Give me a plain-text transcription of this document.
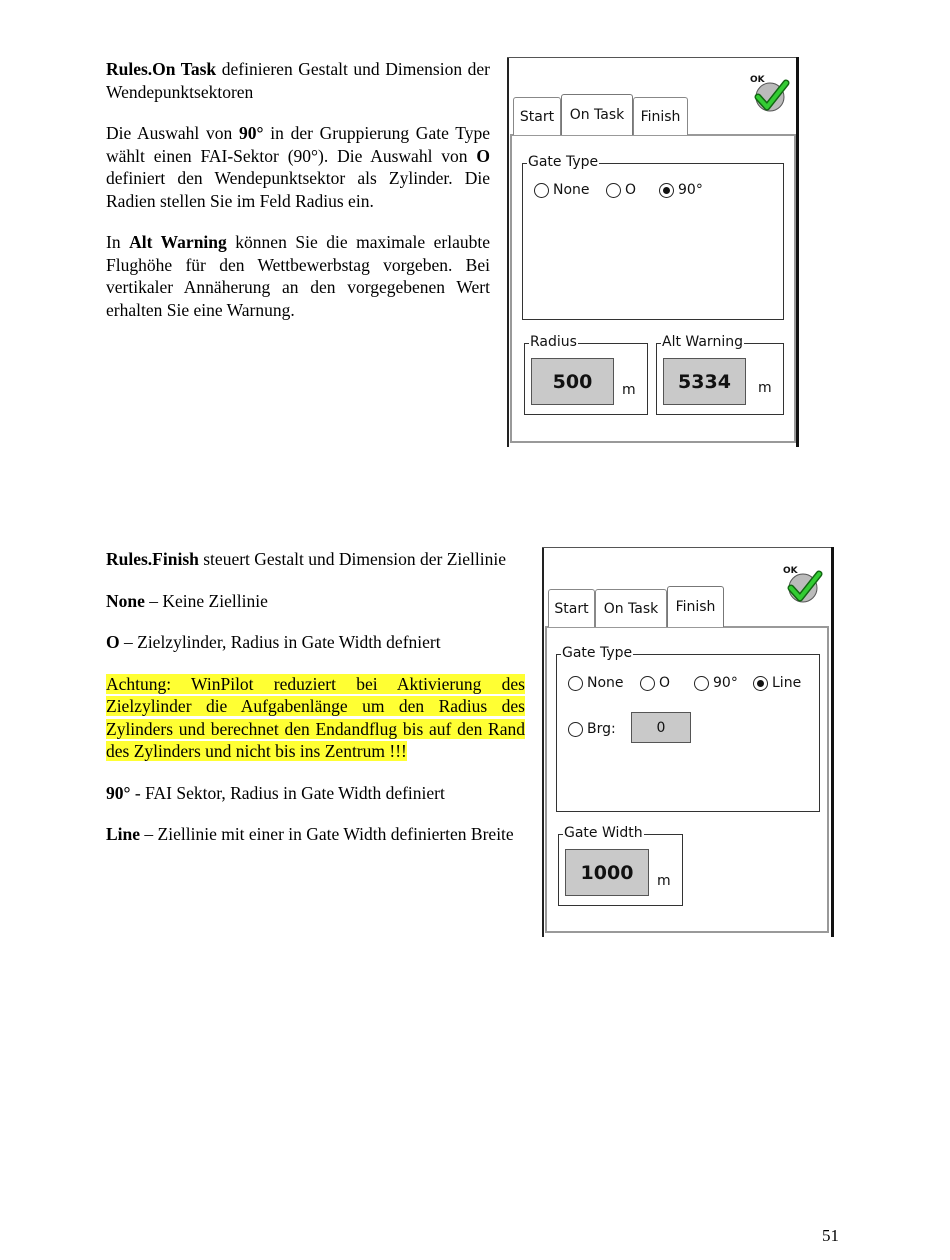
Rules.On Task definieren Gestalt und Dimension der Wendepunktsektoren

Die Auswahl von 90° in der Gruppierung Gate Type wählt einen FAI-Sektor (90°). Die Auswahl von O definiert den Wendepunktsektor als Zylinder. Die Radien stellen Sie im Feld Radius ein.

In Alt Warning können Sie die maximale erlaubte Flughöhe für den Wettbewerbstag vorgeben. Bei vertikaler Annäherung an den vorgegebenen Wert erhalten Sie eine Warnung.

OK
Start	On Task	Finish
Gate Type
None	O	90°
Radius
500	m
Alt Warning
5334	m

Rules.Finish steuert Gestalt und Dimension der Ziellinie

None – Keine Ziellinie

O – Zielzylinder, Radius in Gate Width defniert

Achtung: WinPilot reduziert bei Aktivierung des Zielzylinder die Aufgabenlänge um den Radius des Zylinders und berechnet den Endandflug bis auf den Rand des Zylinders und nicht bis ins Zentrum !!!

90° - FAI Sektor, Radius in Gate Width definiert

Line – Ziellinie mit einer in Gate Width definierten Breite

OK
Start	On Task	Finish
Gate Type
None	O	90° Line
Brg:	0
Gate Width
1000	m
51
